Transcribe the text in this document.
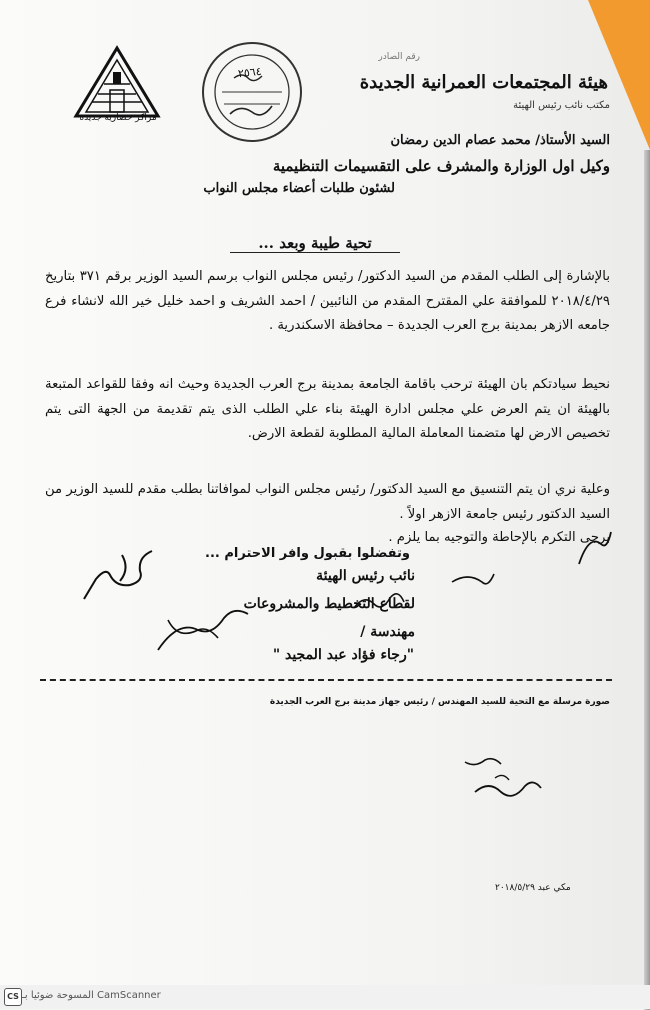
مراكز حضارية جديدة
٢٥٦٤
رقم الصادر
هيئة المجتمعات العمرانية الجديدة
مكتب نائب رئيس الهيئة
السيد الأستاذ/ محمد عصام الدين رمضان
وكيل اول الوزارة والمشرف على التقسيمات التنظيمية
لشئون طلبات أعضاء مجلس النواب
تحية طيبة وبعد ...
بالإشارة إلى الطلب المقدم من السيد الدكتور/ رئيس مجلس النواب برسم السيد الوزير برقم ٣٧١ بتاريخ ٢٠١٨/٤/٢٩ للموافقة علي المقترح المقدم من النائبين / احمد الشريف و احمد خليل خير الله لانشاء فرع جامعه الازهر بمدينة برج العرب الجديدة – محافظة الاسكندرية .
نحيط سيادتكم بان الهيئة ترحب باقامة الجامعة بمدينة برج العرب الجديدة وحيث انه وفقا للقواعد المتبعة بالهيئة ان يتم العرض علي مجلس ادارة الهيئة بناء علي الطلب الذى يتم تقديمة من الجهة التى يتم تخصيص الارض لها متضمنا المعاملة المالية المطلوبة لقطعة الارض.
وعلية نري ان يتم التنسيق مع السيد الدكتور/ رئيس مجلس النواب لموافاتنا بطلب مقدم للسيد الوزير من السيد الدكتور رئيس جامعة الازهر اولاً .
برجى التكرم بالإحاطة والتوجيه بما يلزم .
وتفضلوا بقبول وافر الاحترام ...
نائب رئيس الهيئة
لقطاع التخطيط والمشروعات
مهندسة /
"رجاء فؤاد عبد المجيد "
صورة مرسلة مع التحية للسيد المهندس / رئيس جهاز مدينة برج العرب الجديدة
مكي عبد ٢٠١٨/٥/٢٩
CS CamScanner المسوحة ضوئيا بـ
